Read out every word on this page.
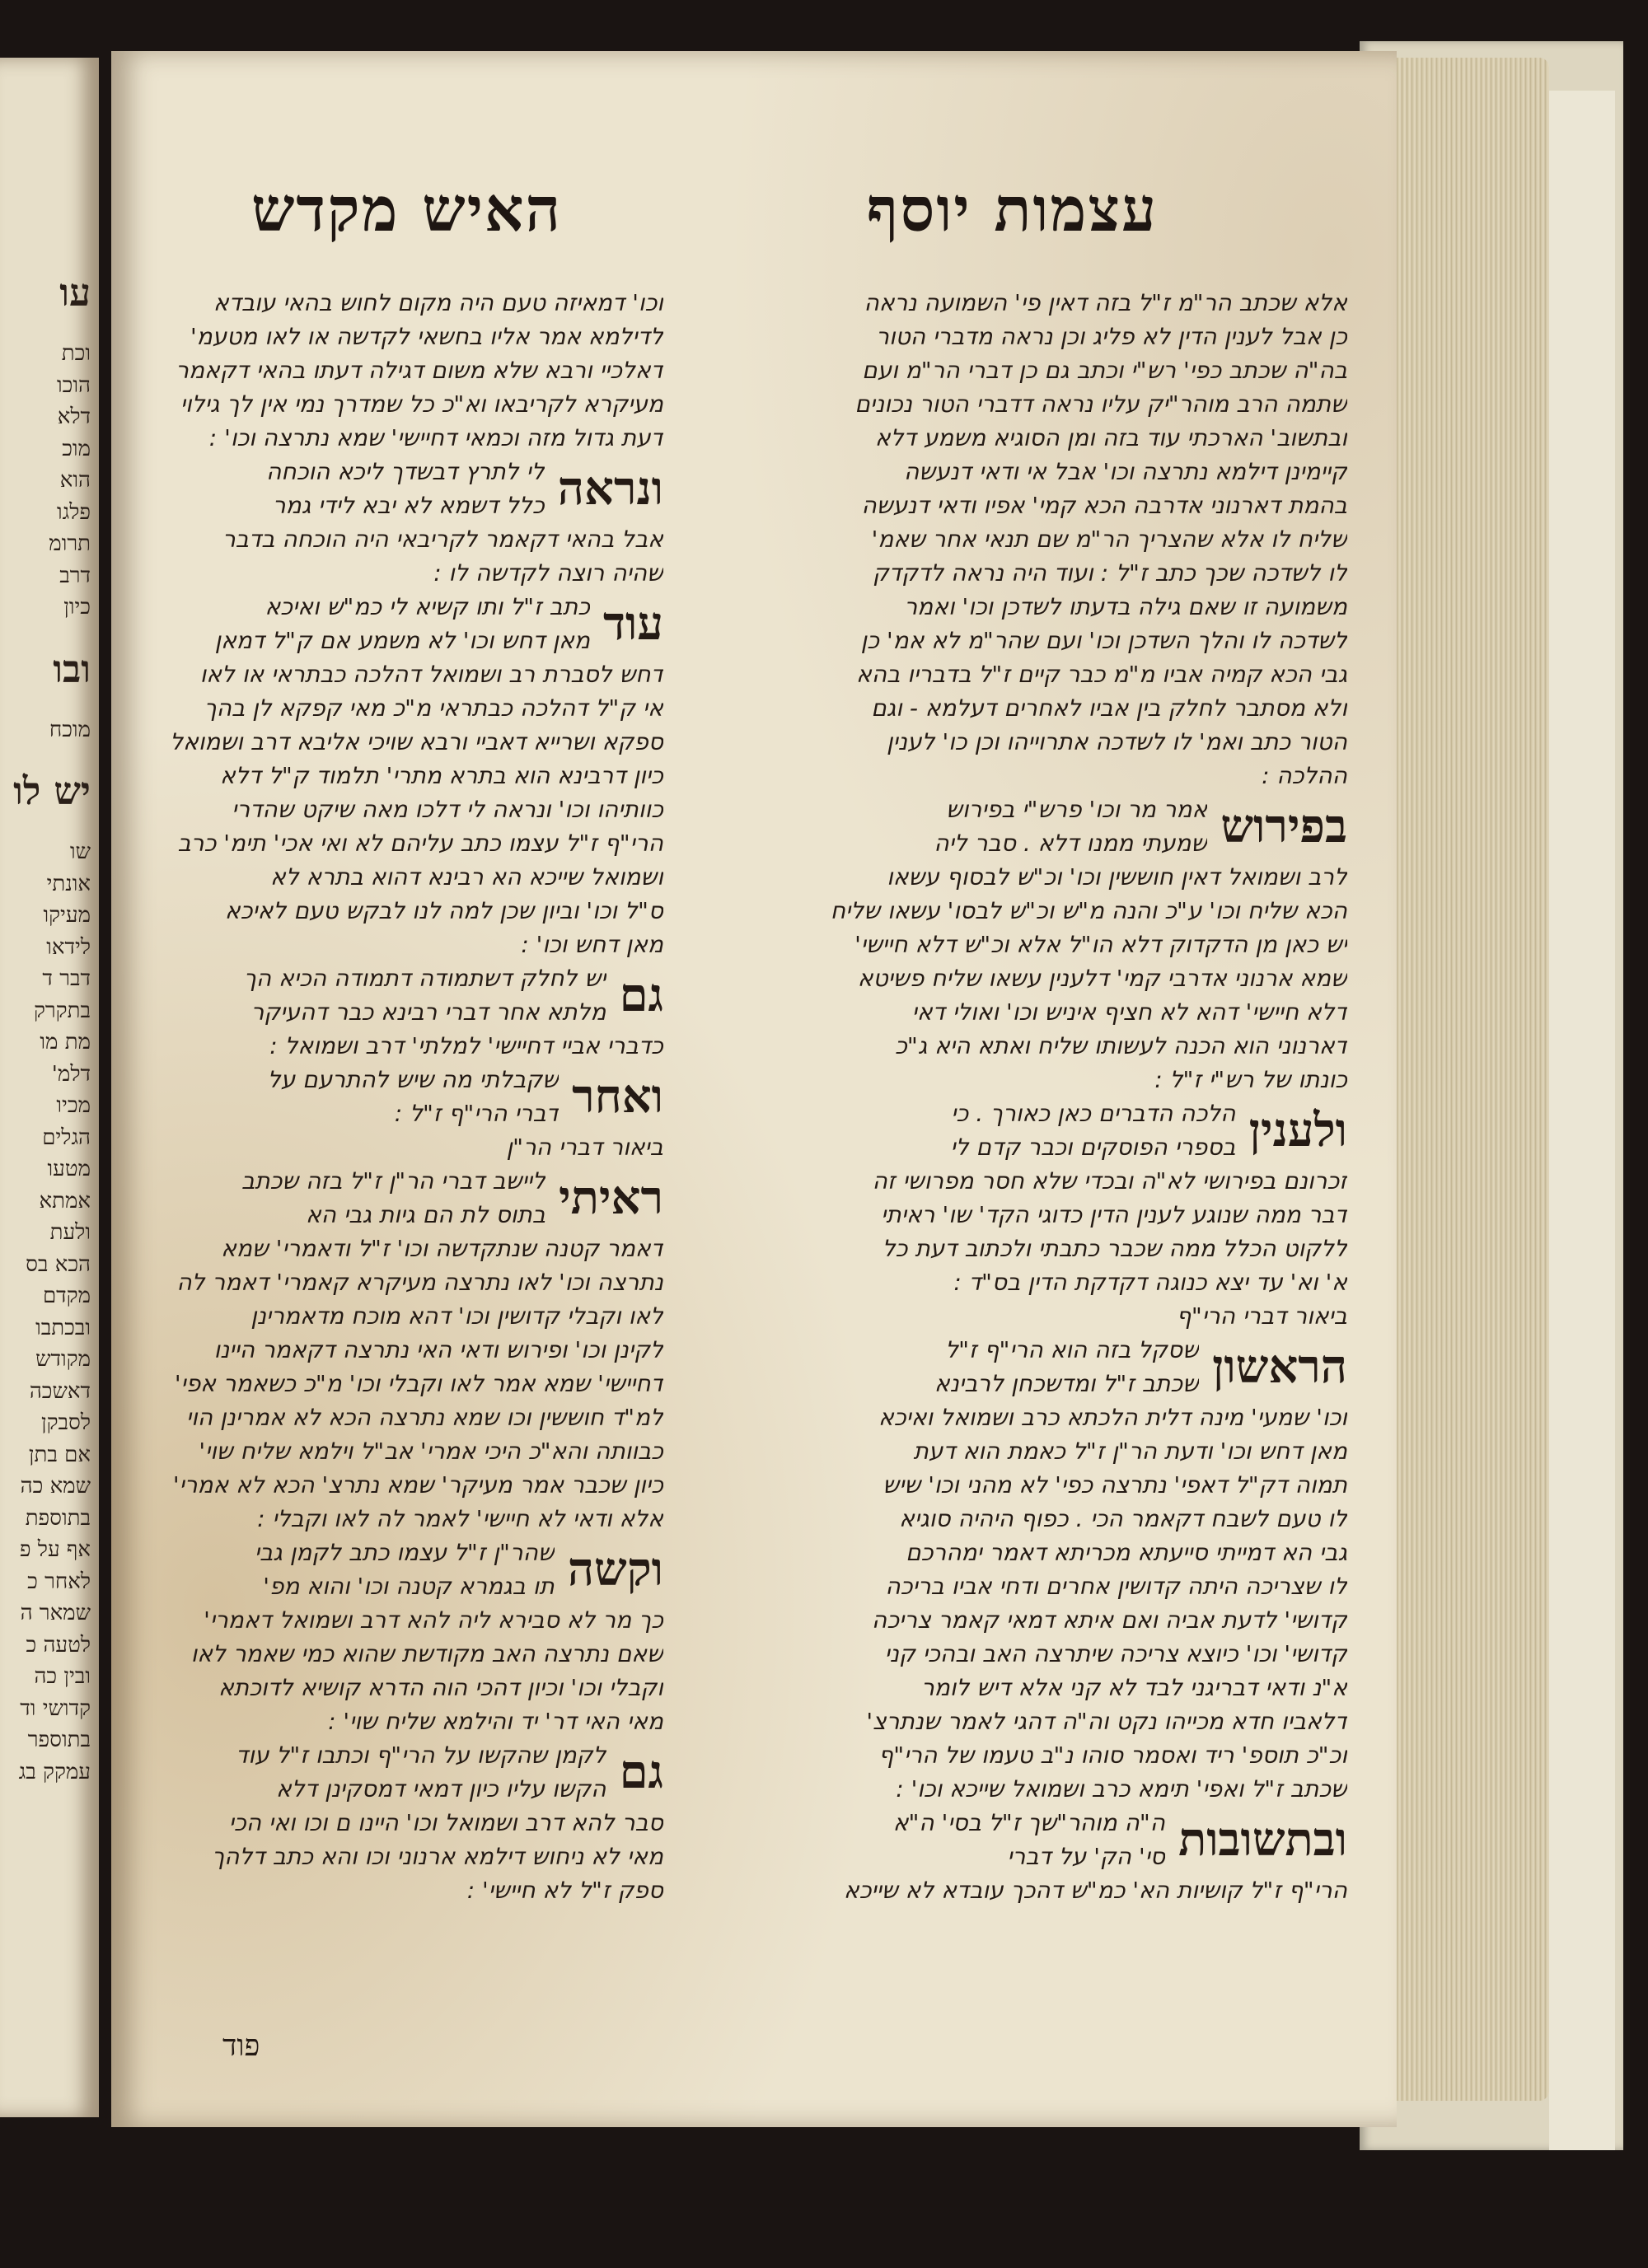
עו
וכת
הוכו
דלא
מוכ
הוא
פלגו
תרומ
דרב
כיון
ובו
מוכח
יש לו
שו
אונתי
מעיקו
לידאו
דבר ד
בתקרק
מת מו
דלמ'
מכיו
הגלים
מטעו
אמתא
ולעת
הכא בס
מקדם
ובכתבו
מקודש
דאשכה
לסבקן
אם בתן
שמא כה
בתוספת
אף על פ
לאחר כ
שמאר ה
לטעה כ
ובין כה
קדושי וד
בתוספר
עמקק בג
עצמות יוסף
האיש מקדש
אלא שכתב הר"מ ז"ל בזה דאין פי' השמועה נראה
כן אבל לענין הדין לא פליג וכן נראה מדברי הטור
בה"ה שכתב כפי' רש"י וכתב גם כן דברי הר"מ ועם
שתמה הרב מוהר"יק עליו נראה דדברי הטור נכונים
ובתשוב' הארכתי עוד בזה ומן הסוגיא משמע דלא
קיימינן דילמא נתרצה וכו' אבל אי ודאי דנעשה
בהמת דארנוני אדרבה הכא קמי' אפיו ודאי דנעשה
שליח לו אלא שהצריך הר"מ שם תנאי אחר שאמ'
לו לשדכה שכך כתב ז"ל : ועוד היה נראה לדקדק
משמועה זו שאם גילה בדעתו לשדכן וכו' ואמר
לשדכה לו והלך השדכן וכו' ועם שהר"מ לא אמ' כן
גבי הכא קמיה אביו מ"מ כבר קיים ז"ל בדבריו בהא
ולא מסתבר לחלק בין אביו לאחרים דעלמא - וגם
הטור כתב ואמ' לו לשדכה אתרוייהו וכן כו' לענין
ההלכה :
בפירוש
אמר מר וכו' פרש"י בפירוש
שמעתי ממנו דלא . סבר ליה
לרב ושמואל דאין חוששין וכו' וכ"ש לבסוף עשאו
הכא שליח וכו' ע"כ והנה מ"ש וכ"ש לבסו' עשאו שליח
יש כאן מן הדקדוק דלא הו"ל אלא וכ"ש דלא חיישי'
שמא ארנוני אדרבי קמי' דלענין עשאו שליח פשיטא
דלא חיישי' דהא לא חציף איניש וכו' ואולי דאי
דארנוני הוא הכנה לעשותו שליח ואתא היא ג"כ
כונתו של רש"י ז"ל :
ולענין
הלכה הדברים כאן כאורך . כי
בספרי הפוסקים וכבר קדם לי
זכרונם בפירושי לא"ה ובכדי שלא חסר מפרושי זה
דבר ממה שנוגע לענין הדין כדוגי הקד' שו' ראיתי
ללקוט הכלל ממה שכבר כתבתי ולכתוב דעת כל
א' וא' עד יצא כנוגה דקדקת הדין בס"ד :
ביאור דברי הרי"ף
הראשון
שסקל בזה הוא הרי"ף ז"ל
שכתב ז"ל ומדשכחן לרבינא
וכו' שמעי' מינה דלית הלכתא כרב ושמואל ואיכא
מאן דחש וכו' ודעת הר"ן ז"ל כאמת הוא דעת
תמוה דק"ל דאפי' נתרצה כפי' לא מהני וכו' שיש
לו טעם לשבח דקאמר הכי . כפוף היהיה סוגיא
גבי הא דמייתי סייעתא מכריתא דאמר ימהרכם
לו שצריכה היתה קדושין אחרים ודחי אביו בריכה
קדושי' לדעת אביה ואם איתא דמאי קאמר צריכה
קדושי' וכו' כיוצא צריכה שיתרצה האב ובהכי קני
א"נ ודאי דבריגני לבד לא קני אלא דיש לומר
דלאביו חדא מכייהו נקט וה"ה דהגי לאמר שנתרצ'
וכ"כ תוספ' ריד ואסמר סוהו נ"ב טעמו של הרי"ף
שכתב ז"ל ואפי' תימא כרב ושמואל שייכא וכו' :
ובתשובות
ה"ה מוהר"שך ז"ל בסי' ה"א
סי' הק' על דברי
הרי"ף ז"ל קושיות הא' כמ"ש דהכך עובדא לא שייכא
וכו' דמאיזה טעם היה מקום לחוש בהאי עובדא
לדילמא אמר אליו בחשאי לקדשה או לאו מטעמ'
דאלכיי ורבא שלא משום דגילה דעתו בהאי דקאמר
מעיקרא לקריבאו וא"כ כל שמדרך נמי אין לך גילוי
דעת גדול מזה וכמאי דחיישי' שמא נתרצה וכו' :
ונראה
לי לתרץ דבשדך ליכא הוכחה
כלל דשמא לא יבא לידי גמר
אבל בהאי דקאמר לקריבאי היה הוכחה בדבר
שהיה רוצה לקדשה לו :
עוד
כתב ז"ל ותו קשיא לי כמ"ש ואיכא
מאן דחש וכו' לא משמע אם ק"ל דמאן
דחש לסברת רב ושמואל דהלכה כבתראי או לאו
אי ק"ל דהלכה כבתראי מ"כ מאי קפקא לן בהך
ספקא ושרייא דאביי ורבא שויכי אליבא דרב ושמואל
כיון דרבינא הוא בתרא מתרי' תלמוד ק"ל דלא
כוותיהו וכו' ונראה לי דלכו מאה שיקט שהדרי
הרי"ף ז"ל עצמו כתב עליהם לא ואי אכי' תימ' כרב
ושמואל שייכא הא רבינא דהוא בתרא לא
ס"ל וכו' וביון שכן למה לנו לבקש טעם לאיכא
מאן דחש וכו' :
גם
יש לחלק דשתמודה דתמודה הכיא הך
מלתא אחר דברי רבינא כבר דהעיקר
כדברי אביי דחיישי' למלתי' דרב ושמואל :
ואחר
שקבלתי מה שיש להתרעם על
דברי הרי"ף ז"ל :
ביאור דברי הר"ן
ראיתי
ליישב דברי הר"ן ז"ל בזה שכתב
בתוס לת הם גיות גבי הא
דאמר קטנה שנתקדשה וכו' ז"ל ודאמרי' שמא
נתרצה וכו' לאו נתרצה מעיקרא קאמרי' דאמר לה
לאו וקבלי קדושין וכו' דהא מוכח מדאמרינן
לקינן וכו' ופירוש ודאי האי נתרצה דקאמר היינו
דחיישי' שמא אמר לאו וקבלי וכו' מ"כ כשאמר אפי'
למ"ד חוששין וכו שמא נתרצה הכא לא אמרינן הוי
כבוותה והא"כ היכי אמרי' אב"ל וילמא שליח שוי'
כיון שכבר אמר מעיקר' שמא נתרצ' הכא לא אמרי'
אלא ודאי לא חיישי' לאמר לה לאו וקבלי :
וקשה
שהר"ן ז"ל עצמו כתב לקמן גבי
תו בגמרא קטנה וכו' והוא מפ'
כך מר לא סבירא ליה להא דרב ושמואל דאמרי'
שאם נתרצה האב מקודשת שהוא כמי שאמר לאו
וקבלי וכו' וכיון דהכי הוה הדרא קושיא לדוכתא
מאי האי דר' יד והילמא שליח שוי' :
גם
לקמן שהקשו על הרי"ף וכתבו ז"ל עוד
הקשו עליו כיון דמאי דמסקינן דלא
סבר להא דרב ושמואל וכו' היינו ם וכו ואי הכי
מאי לא ניחוש דילמא ארנוני וכו והא כתב דלהך
ספק ז"ל לא חיישי' :
פוד
